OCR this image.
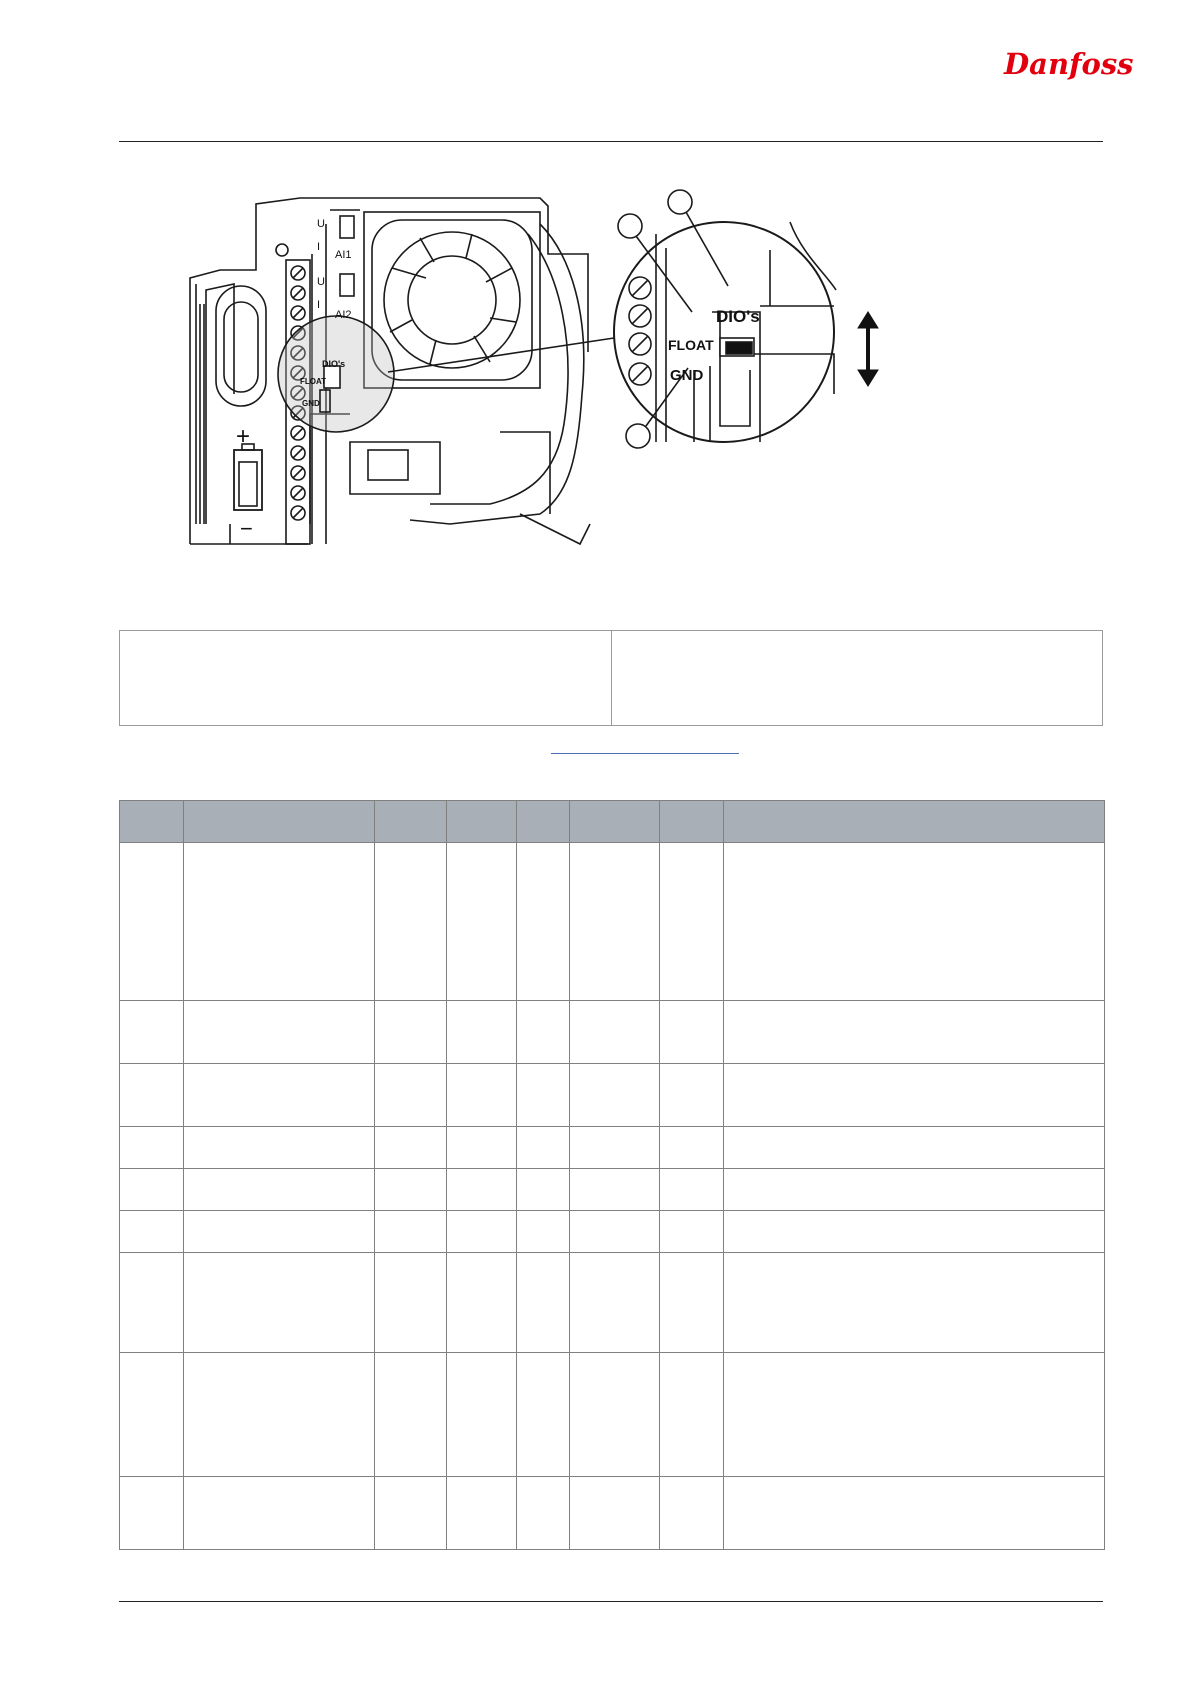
Danfoss
U
I
AI1
U
I
AI2
DIO's
FLOAT
GND
+
−
DIO's
FLOAT
GND
